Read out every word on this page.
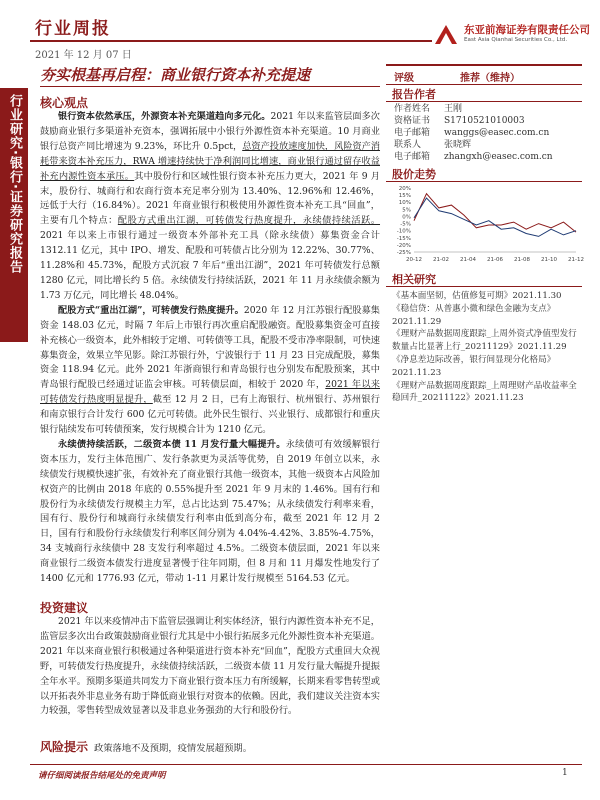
行业周报
2021 年 12 月 07 日
东亚前海证券有限责任公司
East Asia Qianhai Securities Co., Ltd.
行业研究·银行·证券研究报告
夯实根基再启程：商业银行资本补充提速
核心观点

银行资本依然承压，外源资本补充渠道趋向多元化。2021 年以来监管层面多次鼓励商业银行多渠道补充资本，强调拓展中小银行外源性资本补充渠道。10 月商业银行总资产同比增速为 9.23%，环比升 0.5pct，总资产投放速度加快，风险资产消耗带来资本补充压力，RWA 增速持续快于净利润同比增速，商业银行通过留存收益补充内源性资本承压。其中股份行和区域性银行资本补充压力更大，2021 年 9 月末，股份行、城商行和农商行资本充足率分别为 13.40%、12.96%和 12.46%，远低于大行（16.84%）。2021 年商业银行积极使用外源性资本补充工具“回血”，主要有几个特点：配股方式重出江湖，可转债发行热度提升，永续债持续活跃。2021 年以来上市银行通过一级资本外部补充工具（除永续债）募集资金合计 1312.11 亿元，其中 IPO、增发、配股和可转债占比分别为 12.22%、30.77%、11.28%和 45.73%，配股方式沉寂 7 年后“重出江湖”，2021 年可转债发行总额 1280 亿元，同比增长约 5 倍。永续债发行持续活跃，2021 年 11 月永续债余额为 1.73 万亿元，同比增长 48.04%。

配股方式“重出江湖”，可转债发行热度提升。2020 年 12 月江苏银行配股募集资金 148.03 亿元，时隔 7 年后上市银行再次重启配股融资。配股募集资金可直接补充核心一级资本，此外相较于定增、可转债等工具，配股不受市净率限制，可快速募集资金，效果立竿见影。除江苏银行外，宁波银行于 11 月 23 日完成配股，募集资金 118.94 亿元。此外 2021 年浙商银行和青岛银行也分别发布配股预案，其中青岛银行配股已经通过证监会审核。可转债层面，相较于 2020 年，2021 年以来可转债发行热度明显提升，截至 12 月 2 日，已有上海银行、杭州银行、苏州银行和南京银行合计发行 600 亿元可转债。此外民生银行、兴业银行、成都银行和重庆银行陆续发布可转债预案，发行规模合计为 1210 亿元。

永续债持续活跃，二级资本债 11 月发行量大幅提升。永续债可有效缓解银行资本压力，发行主体范围广、发行条款更为灵活等优势，自 2019 年创立以来，永续债发行规模快速扩张，有效补充了商业银行其他一级资本，其他一级资本占风险加权资产的比例由 2018 年底的 0.55%提升至 2021 年 9 月末的 1.46%。国有行和股份行为永续债发行规模主力军，总占比达到 75.47%；从永续债发行利率来看，国有行、股份行和城商行永续债发行利率由低到高分布，截至 2021 年 12 月 2 日，国有行和股份行永续债发行利率区间分别为 4.04%-4.42%、3.85%-4.75%，34 支城商行永续债中 28 支发行利率超过 4.5%。二级资本债层面，2021 年以来商业银行二级资本债发行进度显著慢于往年同期，但 8 月和 11 月爆发性地发行了 1400 亿元和 1776.93 亿元，带动 1-11 月累计发行规模至 5164.53 亿元。

投资建议

2021 年以来疫情冲击下监管层强调让利实体经济，银行内源性资本补充不足，监管层多次出台政策鼓励商业银行尤其是中小银行拓展多元化外源性资本补充渠道。2021 年以来商业银行积极通过各种渠道进行资本补充“回血”，配股方式重回大众视野，可转债发行热度提升，永续债持续活跃，二级资本债 11 月发行量大幅提升提振全年水平。预期多渠道共同发力下商业银行资本压力有所缓解，长期来看零售转型或以开拓表外非息业务有助于降低商业银行对资本的依赖。因此，我们建议关注资本实力较强，零售转型成效显著以及非息业务强劲的大行和股份行。

风险提示 政策落地不及预期，疫情发展超预期。
评级	推荐（维持）
报告作者
作者姓名 王刚
资格证书 S1710521010003
电子邮箱 wanggs@easec.com.cn
联系人	张晓辉
电子邮箱 zhangxh@easec.com.cn
股价走势
20%
15%
10%
5%
0%
-5%
-10%
-15%
-20%
-25%
20-12 21-02 21-04 21-06 21-08 21-10 21-12
相关研究

《基本面坚韧，估值修复可期》2021.11.30

《稳信贷：从普惠小微和绿色金融为支点》2021.11.29

《理财产品数据周度跟踪_上周外资式净值型发行数量占比显著上行_20211129》2021.11.29

《净息差边际改善，银行间显现分化格局》2021.11.23

《理财产品数据周度跟踪_上周理财产品收益率全稳回升_20211122》2021.11.23

请仔细阅读报告结尾处的免责声明	1
